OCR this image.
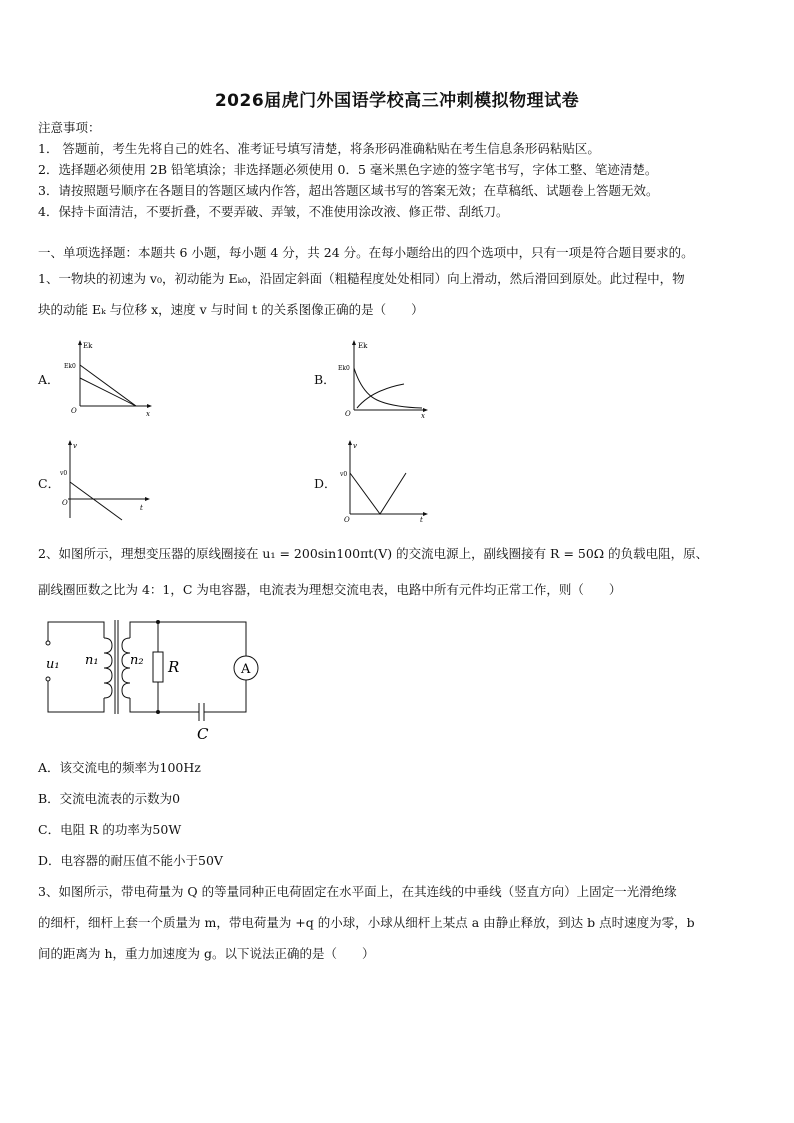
2026届虎门外国语学校高三冲刺模拟物理试卷
注意事项：
1． 答题前，考生先将自己的姓名、准考证号填写清楚，将条形码准确粘贴在考生信息条形码粘贴区。
2．选择题必须使用 2B 铅笔填涂；非选择题必须使用 0．5 毫米黑色字迹的签字笔书写，字体工整、笔迹清楚。
3．请按照题号顺序在各题目的答题区域内作答，超出答题区域书写的答案无效；在草稿纸、试题卷上答题无效。
4．保持卡面清洁，不要折叠，不要弄破、弄皱，不准使用涂改液、修正带、刮纸刀。
一、单项选择题：本题共 6 小题，每小题 4 分，共 24 分。在每小题给出的四个选项中，只有一项是符合题目要求的。
1、一物块的初速为 v₀，初动能为 Eₖ₀，沿固定斜面（粗糙程度处处相同）向上滑动，然后滑回到原处。此过程中，物
块的动能 Eₖ 与位移 x，速度 v 与时间 t 的关系图像正确的是（　　）
A．	B．
C．	D．
Ek
Ek0
O	x
Ek
Ek0
O	x
v
v0
O
t
v
v0
O	t
2、如图所示，理想变压器的原线圈接在 u₁ = 200sin100πt(V) 的交流电源上，副线圈接有 R = 50Ω 的负载电阻，原、
副线圈匝数之比为 4：1，C 为电容器，电流表为理想交流电表，电路中所有元件均正常工作，则（　　）
u₁ n₁ n₂ R	A
C
A．该交流电的频率为100Hz
B．交流电流表的示数为0
C．电阻 R 的功率为50W
D．电容器的耐压值不能小于50V
3、如图所示，带电荷量为 Q 的等量同种正电荷固定在水平面上，在其连线的中垂线（竖直方向）上固定一光滑绝缘
的细杆，细杆上套一个质量为 m，带电荷量为 +q 的小球，小球从细杆上某点 a 由静止释放，到达 b 点时速度为零，b
间的距离为 h，重力加速度为 g。以下说法正确的是（　　）
